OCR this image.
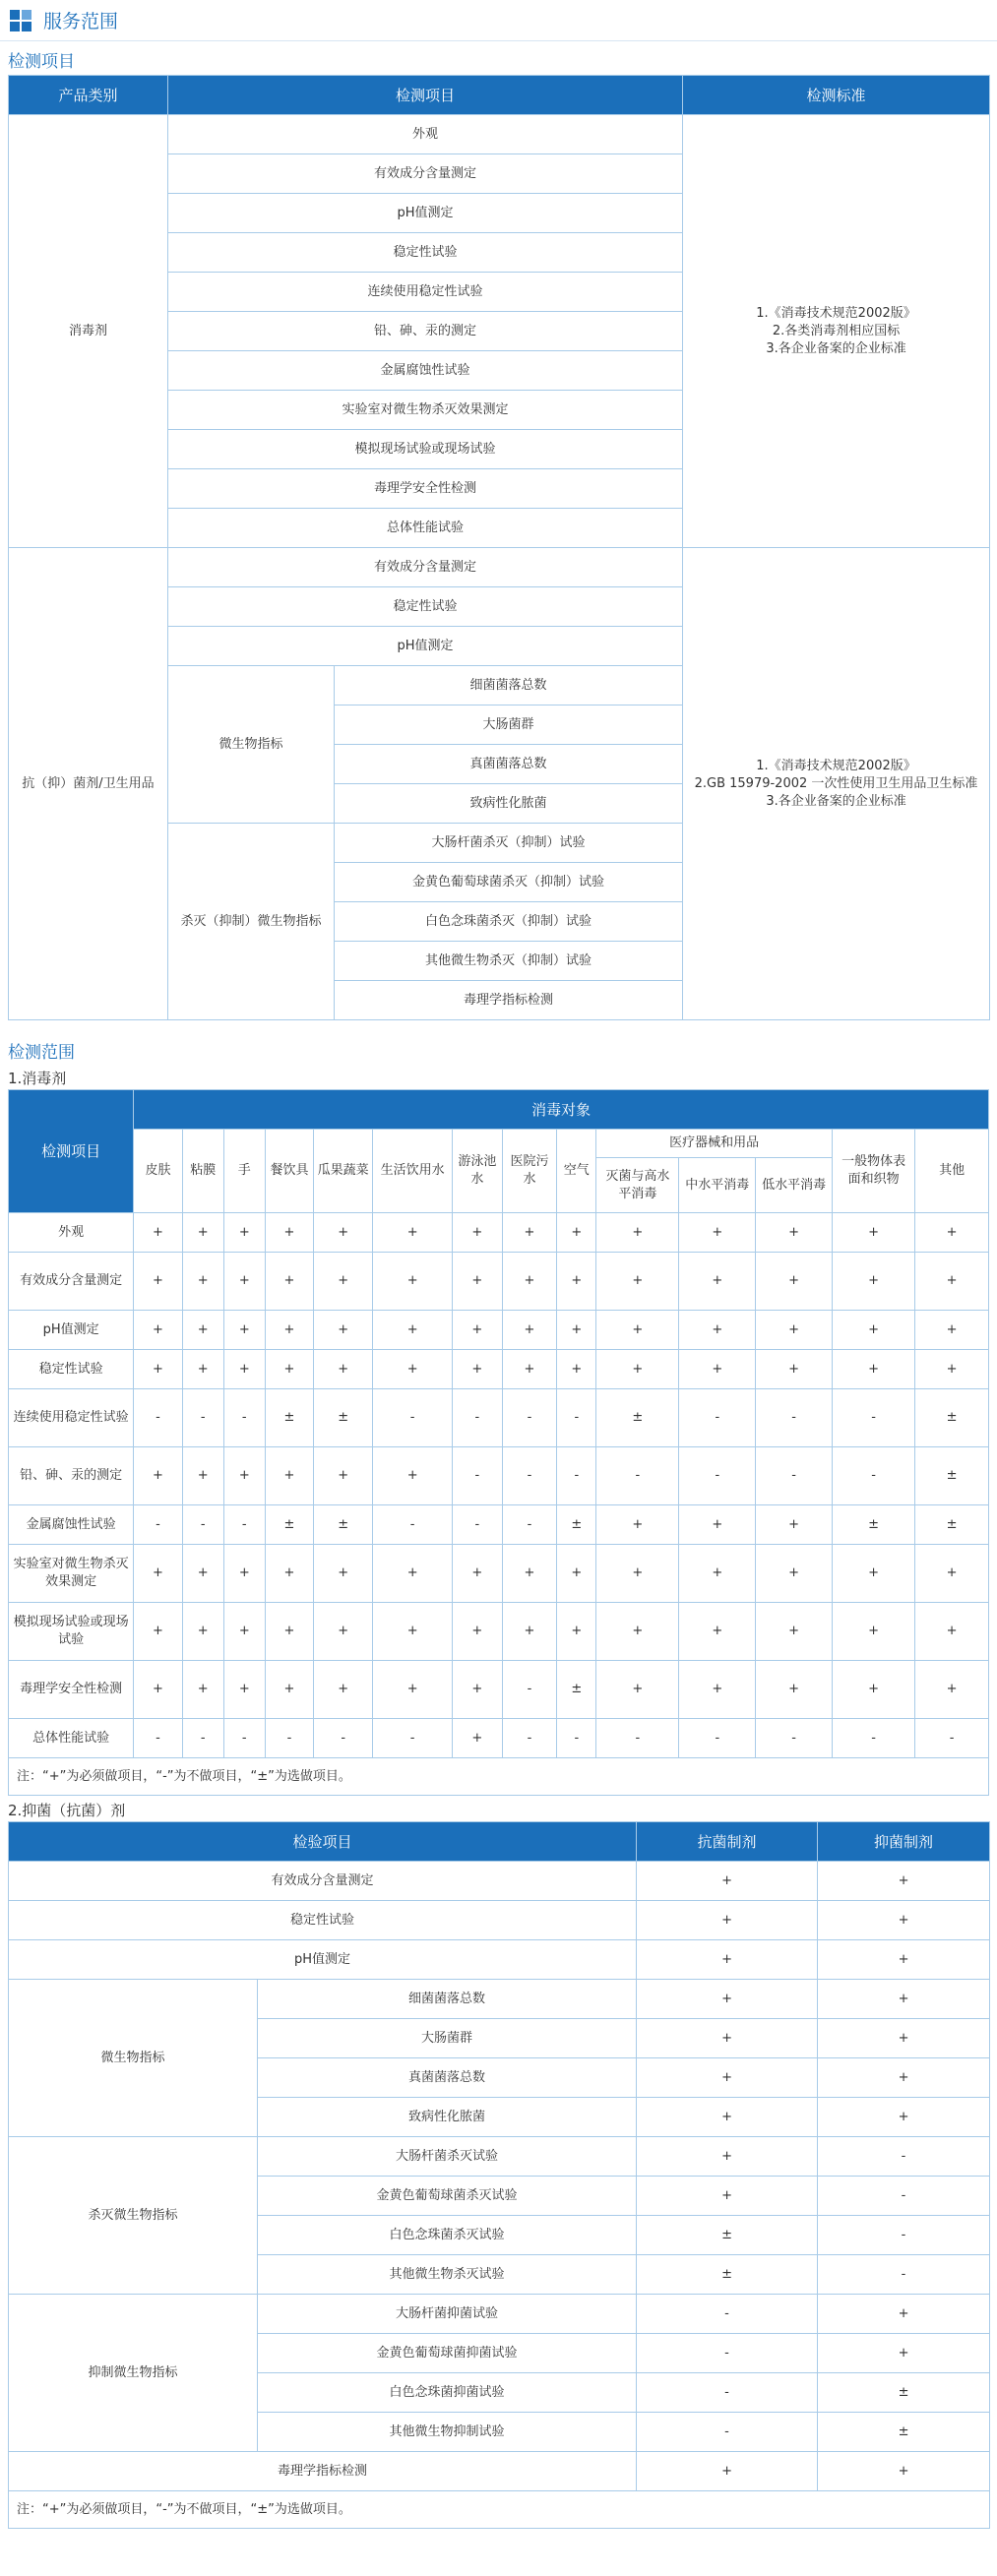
服务范围
检测项目
产品类别	检测项目		检测标准
消毒剂	外观		1.《消毒技术规范2002版》
2.各类消毒剂相应国标
3.各企业备案的企业标准

	有效成分含量测定		
	pH值测定		
	稳定性试验		
	连续使用稳定性试验		
	铅、砷、汞的测定		
	金属腐蚀性试验		
	实验室对微生物杀灭效果测定		
	模拟现场试验或现场试验		
	毒理学安全性检测		
	总体性能试验		
抗（抑）菌剂/卫生用品	有效成分含量测定		1.《消毒技术规范2002版》
2.GB 15979-2002 一次性使用卫生用品卫生标准
3.各企业备案的企业标准

	稳定性试验		
	pH值测定		
	微生物指标	细菌菌落总数	
		大肠菌群	
		真菌菌落总数	
		致病性化脓菌	
	杀灭（抑制）微生物指标	大肠杆菌杀灭（抑制）试验	
		金黄色葡萄球菌杀灭（抑制）试验	
		白色念珠菌杀灭（抑制）试验	
		其他微生物杀灭（抑制）试验	
		毒理学指标检测	
检测范围
1.消毒剂
检测项目	消毒对象													
	皮肤	粘膜	手	餐饮具	瓜果蔬菜	生活饮用水	游泳池水	医院污水	空气	医疗器械和用品			一般物体表面和织物	其他
										灭菌与高水平消毒	中水平消毒	低水平消毒		
外观	+	+	+	+	+	+	+	+	+	+	+	+	+	+
有效成分含量测定	+	+	+	+	+	+	+	+	+	+	+	+	+	+
pH值测定	+	+	+	+	+	+	+	+	+	+	+	+	+	+
稳定性试验	+	+	+	+	+	+	+	+	+	+	+	+	+	+
连续使用稳定性试验	-	-	-	±	±	-	-	-	-	±	-	-	-	±
铅、砷、汞的测定	+	+	+	+	+	+	-	-	-	-	-	-	-	±
金属腐蚀性试验	-	-	-	±	±	-	-	-	±	+	+	+	±	±
实验室对微生物杀灭效果测定	+	+	+	+	+	+	+	+	+	+	+	+	+	+
模拟现场试验或现场试验	+	+	+	+	+	+	+	+	+	+	+	+	+	+
毒理学安全性检测	+	+	+	+	+	+	+	-	±	+	+	+	+	+
总体性能试验	-	-	-	-	-	-	+	-	-	-	-	-	-	-
注：“+”为必须做项目，“-”为不做项目，“±”为选做项目。														
2.抑菌（抗菌）剂
检验项目		抗菌制剂	抑菌制剂
有效成分含量测定		+	+
稳定性试验		+	+
pH值测定		+	+
微生物指标	细菌菌落总数	+	+
	大肠菌群	+	+
	真菌菌落总数	+	+
	致病性化脓菌	+	+
杀灭微生物指标	大肠杆菌杀灭试验	+	-
	金黄色葡萄球菌杀灭试验	+	-
	白色念珠菌杀灭试验	±	-
	其他微生物杀灭试验	±	-
抑制微生物指标	大肠杆菌抑菌试验	-	+
	金黄色葡萄球菌抑菌试验	-	+
	白色念珠菌抑菌试验	-	±
	其他微生物抑制试验	-	±
毒理学指标检测		+	+
注：“+”为必须做项目，“-”为不做项目，“±”为选做项目。			
